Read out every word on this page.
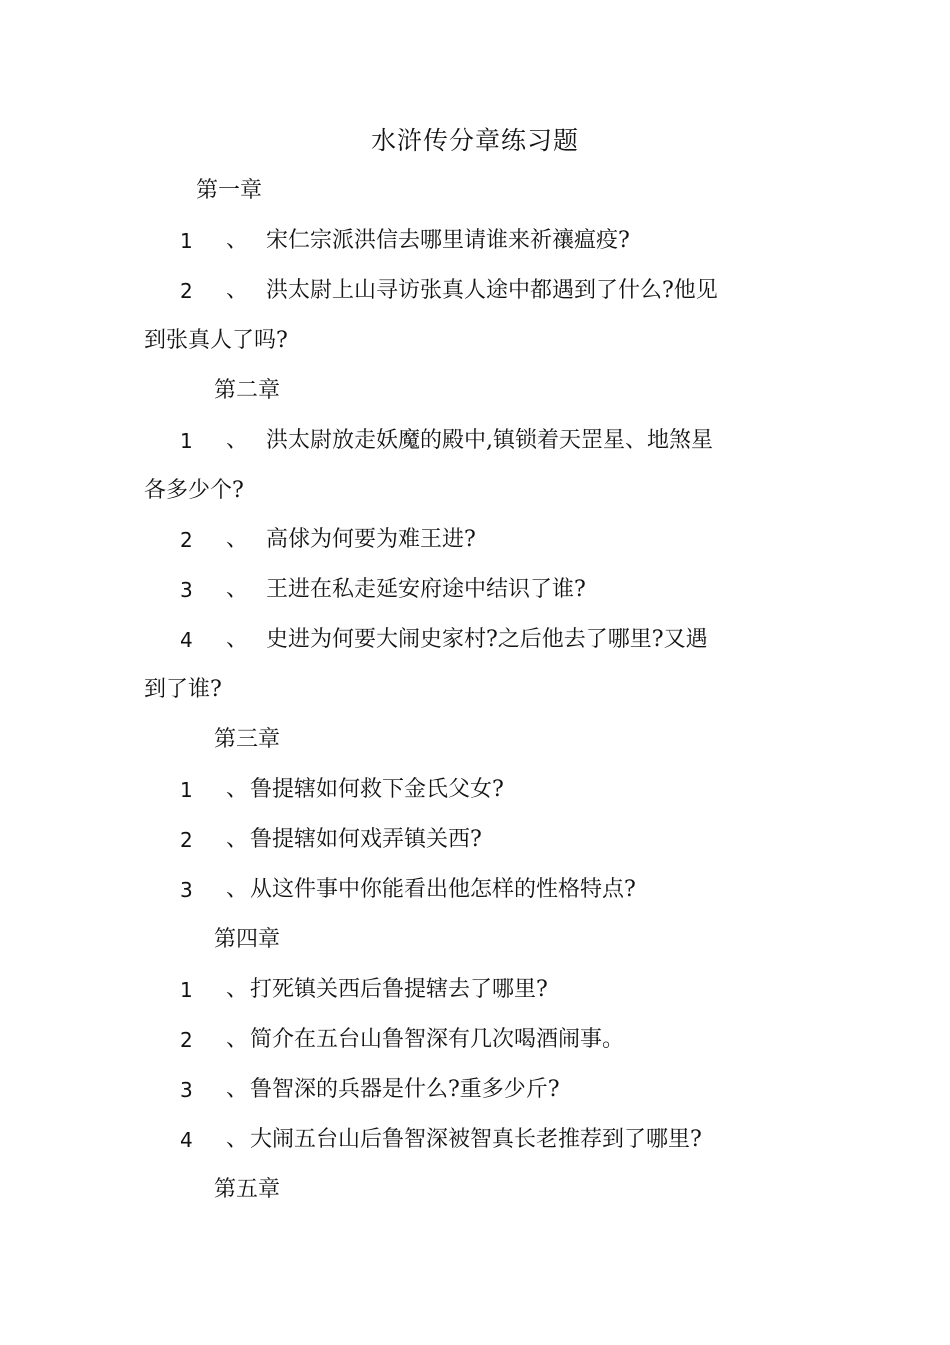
水浒传分章练习题
第一章
1 、 宋仁宗派洪信去哪里请谁来祈禳瘟疫?
2 、 洪太尉上山寻访张真人途中都遇到了什么?他见
到张真人了吗?
第二章
1 、 洪太尉放走妖魔的殿中,镇锁着天罡星、地煞星
各多少个?
2 、 高俅为何要为难王进?
3 、 王进在私走延安府途中结识了谁?
4 、 史进为何要大闹史家村?之后他去了哪里?又遇
到了谁?
第三章
1 、 鲁提辖如何救下金氏父女?
2 、 鲁提辖如何戏弄镇关西?
3 、 从这件事中你能看出他怎样的性格特点?
第四章
1 、 打死镇关西后鲁提辖去了哪里?
2 、 简介在五台山鲁智深有几次喝酒闹事。
3 、 鲁智深的兵器是什么?重多少斤?
4 、 大闹五台山后鲁智深被智真长老推荐到了哪里?
第五章
